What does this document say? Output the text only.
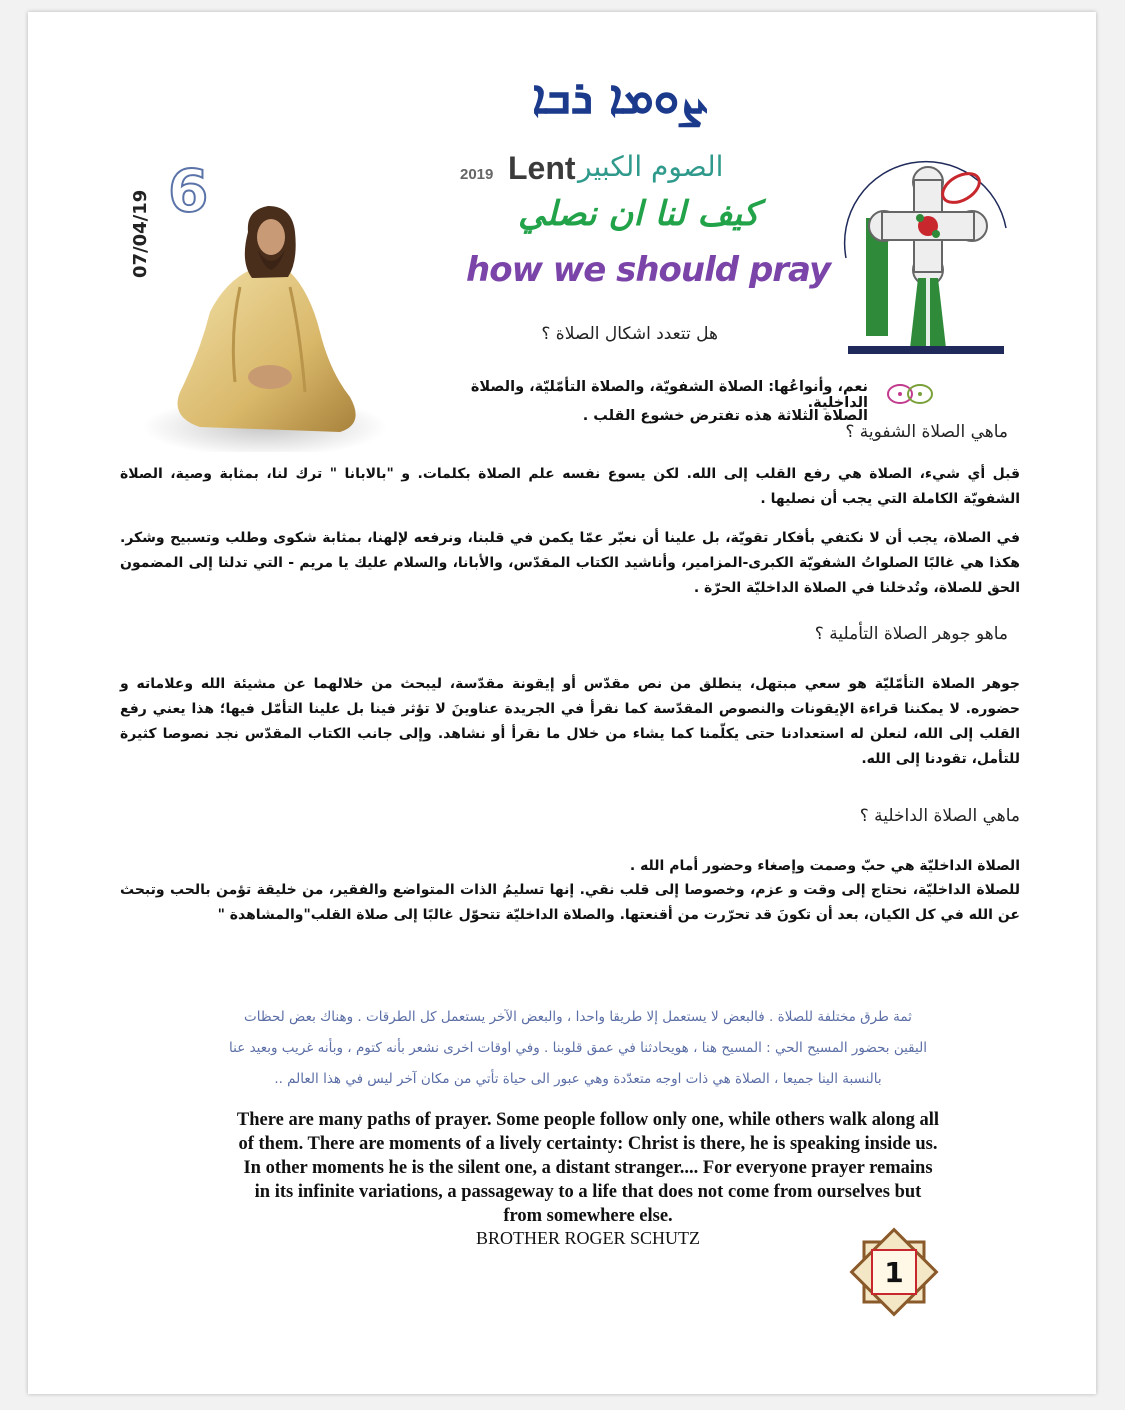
ܨܘܡܐ ܪܒܐ
07/04/19 6	2019 Lent الصوم الكبير
كيف لنا ان نصلي
how we should pray
هل تتعدد اشكال الصلاة ؟
نعم، وأنواعُها: الصلاة الشفويّة، والصلاة التأمّليّة، والصلاة الداخلية.
الصلاة الثلاثة هذه تفترض خشوع القلب .
ماهي الصلاة الشفوية ؟
قبل أي شيء، الصلاة هي رفع القلب إلى الله. لكن يسوع نفسه علم الصلاة بكلمات. و "بالابانا " ترك لنا، بمثابة وصية، الصلاة الشفويّة الكاملة التي يجب أن نصليها .
في الصلاة، يجب أن لا نكتفي بأفكار تقويّة، بل علينا أن نعبّر عمّا يكمن في قلبنا، ونرفعه لإلهنا، بمثابة شكوى وطلب وتسبيح وشكر. هكذا هي غالبًا الصلواتُ الشفويّة الكبرى-المزامير، وأناشيد الكتاب المقدّس، والأبانا، والسلام عليك يا مريم - التي تدلنا إلى المضمون الحق للصلاة، وتُدخلنا في الصلاة الداخليّة الحرّة .
ماهو جوهر الصلاة التأملية ؟
جوهر الصلاة التأمّليّة هو سعي مبتهل، ينطلق من نص مقدّس أو إيقونة مقدّسة، ليبحث من خلالهما عن مشيئة الله وعلاماته و حضوره. لا يمكننا قراءة الإيقونات والنصوص المقدّسة كما نقرأ في الجريدة عناوينَ لا تؤثر فينا بل علينا التأمّل فيها؛ هذا يعني رفع القلب إلى الله، لنعلن له استعدادنا حتى يكلّمنا كما يشاء من خلال ما نقرأ أو نشاهد. وإلى جانب الكتاب المقدّس نجد نصوصا كثيرة للتأمل، تقودنا إلى الله.
ماهي الصلاة الداخلية ؟
الصلاة الداخليّة هي حبّ وصمت وإصغاء وحضور أمام الله .
للصلاة الداخليّة، نحتاج إلى وقت و عزم، وخصوصا إلى قلب نقي. إنها تسليمُ الذات المتواضع والفقير، من خليقة تؤمن بالحب وتبحث عن الله في كل الكيان، بعد أن تكونَ قد تحرّرت من أقنعتها. والصلاة الداخليّة تتحوّل غالبًا إلى صلاة القلب"والمشاهدة "
ثمة طرق مختلفة للصلاة . فالبعض لا يستعمل إلا طريقا واحدا ، والبعض الآخر يستعمل كل الطرقات . وهناك بعض لحظات
اليقين بحضور المسيح الحي : المسيح هنا ، هويحادثنا في عمق قلوبنا . وفي اوقات اخرى نشعر بأنه كتوم ، وبأنه غريب وبعيد عنا
بالنسبة الينا جميعا ، الصلاة هي ذات اوجه متعدّدة وهي عبور الى حياة تأتي من مكان آخر ليس في هذا العالم ..
There are many paths of prayer. Some people follow only one, while others walk along all
of them. There are moments of a lively certainty: Christ is there, he is speaking inside us.
In other moments he is the silent one, a distant stranger.... For everyone prayer remains
in its infinite variations, a passageway to a life that does not come from ourselves but
from somewhere else.
BROTHER ROGER SCHUTZ
1
